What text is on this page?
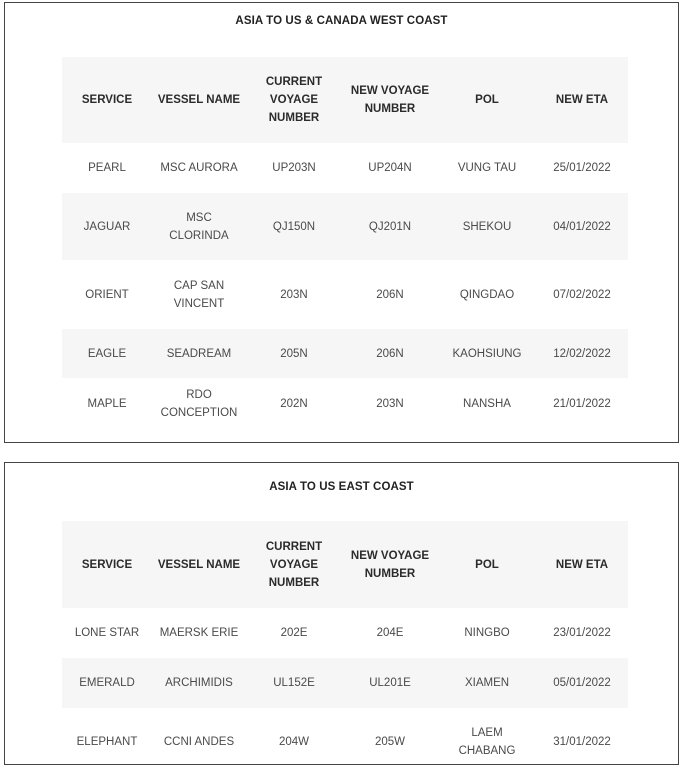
ASIA TO US & CANADA WEST COAST
SERVICE	VESSEL NAME	CURRENT VOYAGE NUMBER	NEW VOYAGE NUMBER	POL	NEW ETA
PEARL	MSC AURORA	UP203N	UP204N	VUNG TAU	25/01/2022
JAGUAR	MSC CLORINDA	QJ150N	QJ201N	SHEKOU	04/01/2022
ORIENT	CAP SAN VINCENT	203N	206N	QINGDAO	07/02/2022
EAGLE	SEADREAM	205N	206N	KAOHSIUNG	12/02/2022
MAPLE	RDO CONCEPTION	202N	203N	NANSHA	21/01/2022
ASIA TO US EAST COAST
SERVICE	VESSEL NAME	CURRENT VOYAGE NUMBER	NEW VOYAGE NUMBER	POL	NEW ETA
LONE STAR	MAERSK ERIE	202E	204E	NINGBO	23/01/2022
EMERALD	ARCHIMIDIS	UL152E	UL201E	XIAMEN	05/01/2022
ELEPHANT	CCNI ANDES	204W	205W	LAEM CHABANG	31/01/2022
